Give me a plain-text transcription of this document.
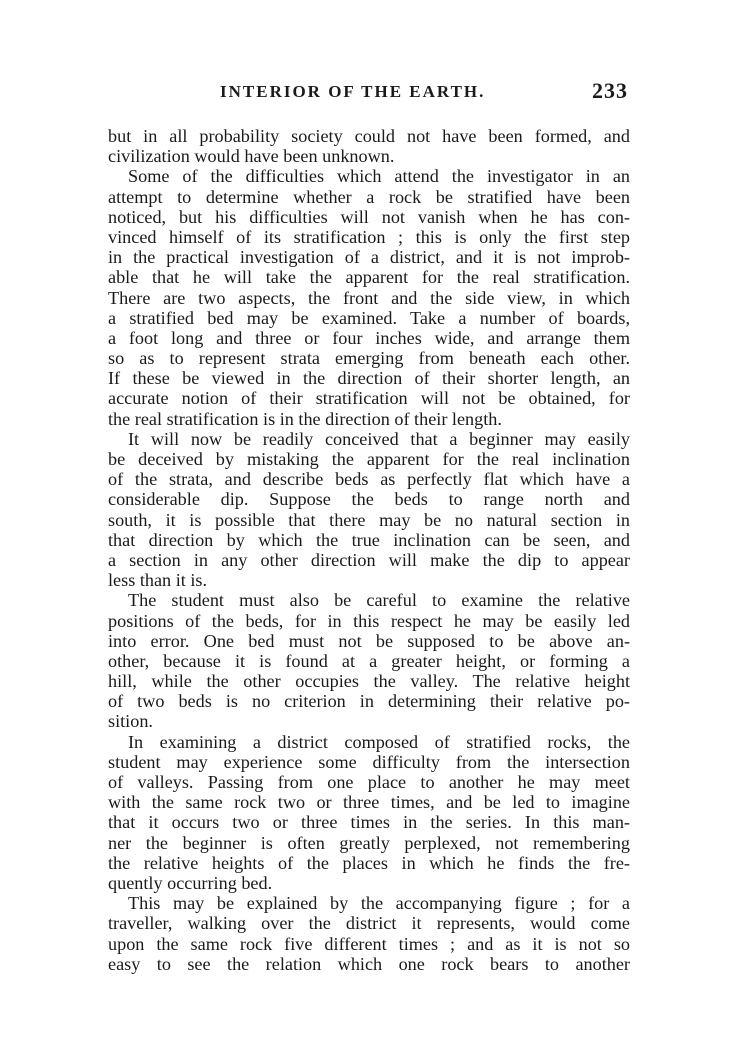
INTERIOR OF THE EARTH.	233
but in all probability society could not have been formed, and
civilization would have been unknown.
Some of the difficulties which attend the investigator in an
attempt to determine whether a rock be stratified have been
noticed, but his difficulties will not vanish when he has con-
vinced himself of its stratification ; this is only the first step
in the practical investigation of a district, and it is not improb-
able that he will take the apparent for the real stratification.
There are two aspects, the front and the side view, in which
a stratified bed may be examined. Take a number of boards,
a foot long and three or four inches wide, and arrange them
so as to represent strata emerging from beneath each other.
If these be viewed in the direction of their shorter length, an
accurate notion of their stratification will not be obtained, for
the real stratification is in the direction of their length.
It will now be readily conceived that a beginner may easily
be deceived by mistaking the apparent for the real inclination
of the strata, and describe beds as perfectly flat which have a
considerable dip. Suppose the beds to range north and
south, it is possible that there may be no natural section in
that direction by which the true inclination can be seen, and
a section in any other direction will make the dip to appear
less than it is.
The student must also be careful to examine the relative
positions of the beds, for in this respect he may be easily led
into error. One bed must not be supposed to be above an-
other, because it is found at a greater height, or forming a
hill, while the other occupies the valley. The relative height
of two beds is no criterion in determining their relative po-
sition.
In examining a district composed of stratified rocks, the
student may experience some difficulty from the intersection
of valleys. Passing from one place to another he may meet
with the same rock two or three times, and be led to imagine
that it occurs two or three times in the series. In this man-
ner the beginner is often greatly perplexed, not remembering
the relative heights of the places in which he finds the fre-
quently occurring bed.
This may be explained by the accompanying figure ; for a
traveller, walking over the district it represents, would come
upon the same rock five different times ; and as it is not so
easy to see the relation which one rock bears to another
